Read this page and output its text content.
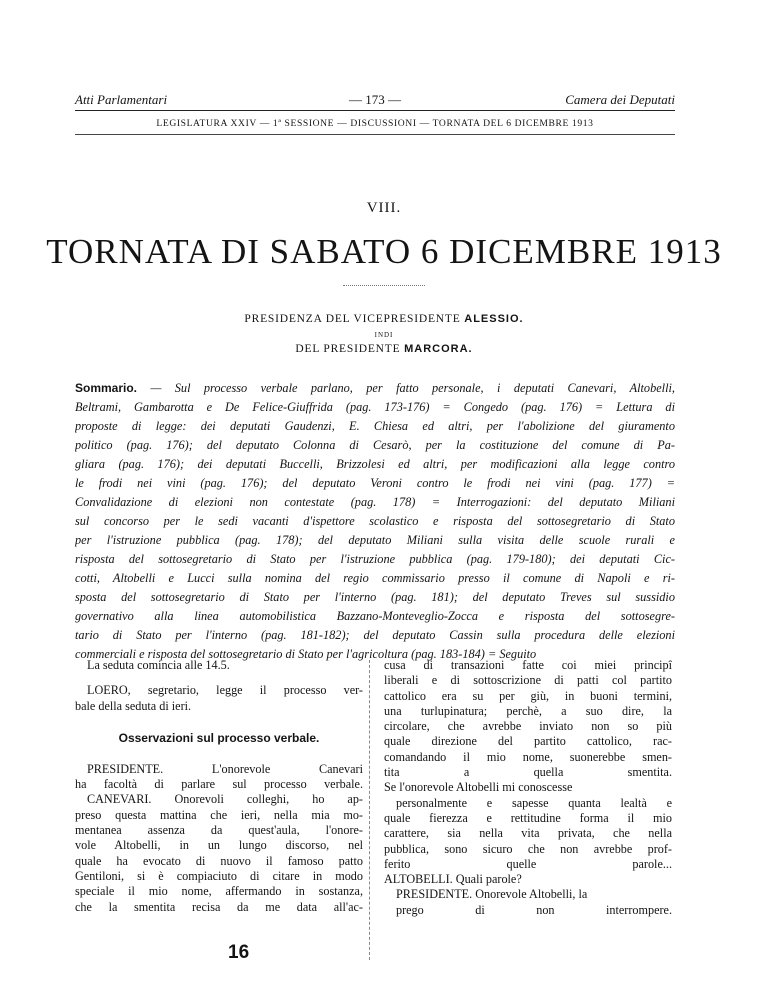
Atti Parlamentari	— 173 —	Camera dei Deputati
LEGISLATURA XXIV — 1ª SESSIONE — DISCUSSIONI — TORNATA DEL 6 DICEMBRE 1913
VIII.
TORNATA DI SABATO 6 DICEMBRE 1913
PRESIDENZA DEL VICEPRESIDENTE ALESSIO.
INDI
DEL PRESIDENTE MARCORA.
Sommario. — Sul processo verbale parlano, per fatto personale, i deputati Canevari, Altobelli,
Beltrami, Gambarotta e De Felice-Giuffrida (pag. 173-176) = Congedo (pag. 176) = Lettura di
proposte di legge: dei deputati Gaudenzi, E. Chiesa ed altri, per l'abolizione del giuramento
politico (pag. 176); del deputato Colonna di Cesarò, per la costituzione del comune di Pa-
gliara (pag. 176); dei deputati Buccelli, Brizzolesi ed altri, per modificazioni alla legge contro
le frodi nei vini (pag. 176); del deputato Veroni contro le frodi nei vini (pag. 177) =
Convalidazione di elezioni non contestate (pag. 178) = Interrogazioni: del deputato Miliani
sul concorso per le sedi vacanti d'ispettore scolastico e risposta del sottosegretario di Stato
per l'istruzione pubblica (pag. 178); del deputato Miliani sulla visita delle scuole rurali e
risposta del sottosegretario di Stato per l'istruzione pubblica (pag. 179-180); dei deputati Cic-
cotti, Altobelli e Lucci sulla nomina del regio commissario presso il comune di Napoli e ri-
sposta del sottosegretario di Stato per l'interno (pag. 181); del deputato Treves sul sussidio
governativo alla linea automobilistica Bazzano-Monteveglio-Zocca e risposta del sottosegre-
tario di Stato per l'interno (pag. 181-182); del deputato Cassin sulla procedura delle elezioni
commerciali e risposta del sottosegretario di Stato per l'agricoltura (pag. 183-184) = Seguito
La seduta comincia alle 14.5.
LOERO, segretario, legge il processo ver-
bale della seduta di ieri.
Osservazioni sul processo verbale.
PRESIDENTE. L'onorevole Canevari
ha facoltà di parlare sul processo verbale.
CANEVARI. Onorevoli colleghi, ho ap-
preso questa mattina che ieri, nella mia mo-
mentanea assenza da quest'aula, l'onore-
vole Altobelli, in un lungo discorso, nel
quale ha evocato di nuovo il famoso patto
Gentiloni, si è compiaciuto di citare in modo
speciale il mio nome, affermando in sostanza,
che la smentita recisa da me data all'ac-
cusa di transazioni fatte coi miei principî
liberali e di sottoscrizione di patti col partito
cattolico era su per giù, in buoni termini,
una turlupinatura; perchè, a suo dire, la
circolare, che avrebbe inviato non so più
quale direzione del partito cattolico, rac-
comandando il mio nome, suonerebbe smen-
tita a quella smentita.
Se l'onorevole Altobelli mi conoscesse
personalmente e sapesse quanta lealtà e
quale fierezza e rettitudine forma il mio
carattere, sia nella vita privata, che nella
pubblica, sono sicuro che non avrebbe prof-
ferito quelle parole...
ALTOBELLI. Quali parole?
PRESIDENTE. Onorevole Altobelli, la
prego di non interrompere.
16
